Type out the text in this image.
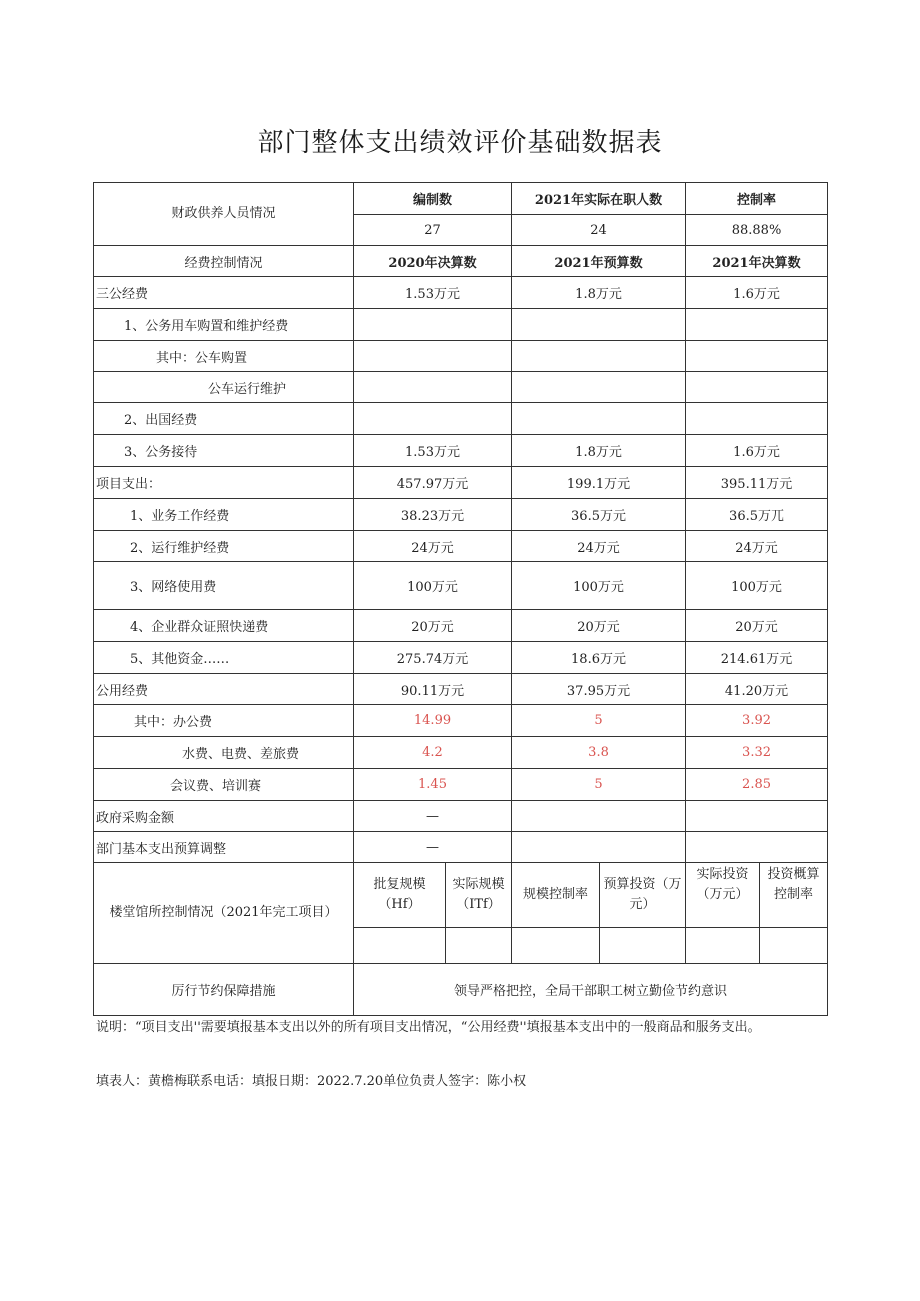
部门整体支出绩效评价基础数据表
财政供养人员情况	编制数		2021年实际在职人数		控制率	
	27		24		88.88%	
经费控制情况	2020年决算数		2021年预算数		2021年决算数	
三公经费	1.53万元		1.8万元		1.6万元	
1、公务用车购置和维护经费						
其中：公车购置						
公车运行维护						
2、出国经费						
3、公务接待	1.53万元		1.8万元		1.6万元	
项目支出：	457.97万元		199.1万元		395.11万元	
1、业务工作经费	38.23万元		36.5万元		36.5万兀	
2、运行维护经费	24万元		24万元		24万元	
3、网络使用费	100万元		100万元		100万元	
4、企业群众证照快递费	20万元		20万元		20万元	
5、其他资金……	275.74万元		18.6万元		214.61万元	
公用经费	90.11万元		37.95万元		41.20万元	
其中：办公费	14.99		5		3.92	
水费、电费、差旅费	4.2		3.8		3.32	
会议费、培训赛	1.45		5		2.85	
政府采购金额	—					
部门基本支出预算调整	—					
楼堂馆所控制情况（2021年完工项目）	批复规模（Hf）	实际规模（ITf）	规模控制率	预算投资（万元）	实际投资（万元）	投资概算控制率

厉行节约保障措施	领导严格把控，全局干部职工树立勤俭节约意识					
说明：“项目支出''需要填报基本支出以外的所有项目支出情况，“公用经费''填报基本支出中的一般商品和服务支出。
填表人：黄檐梅联系电话：填报日期：2022.7.20单位负责人签字：陈小权
